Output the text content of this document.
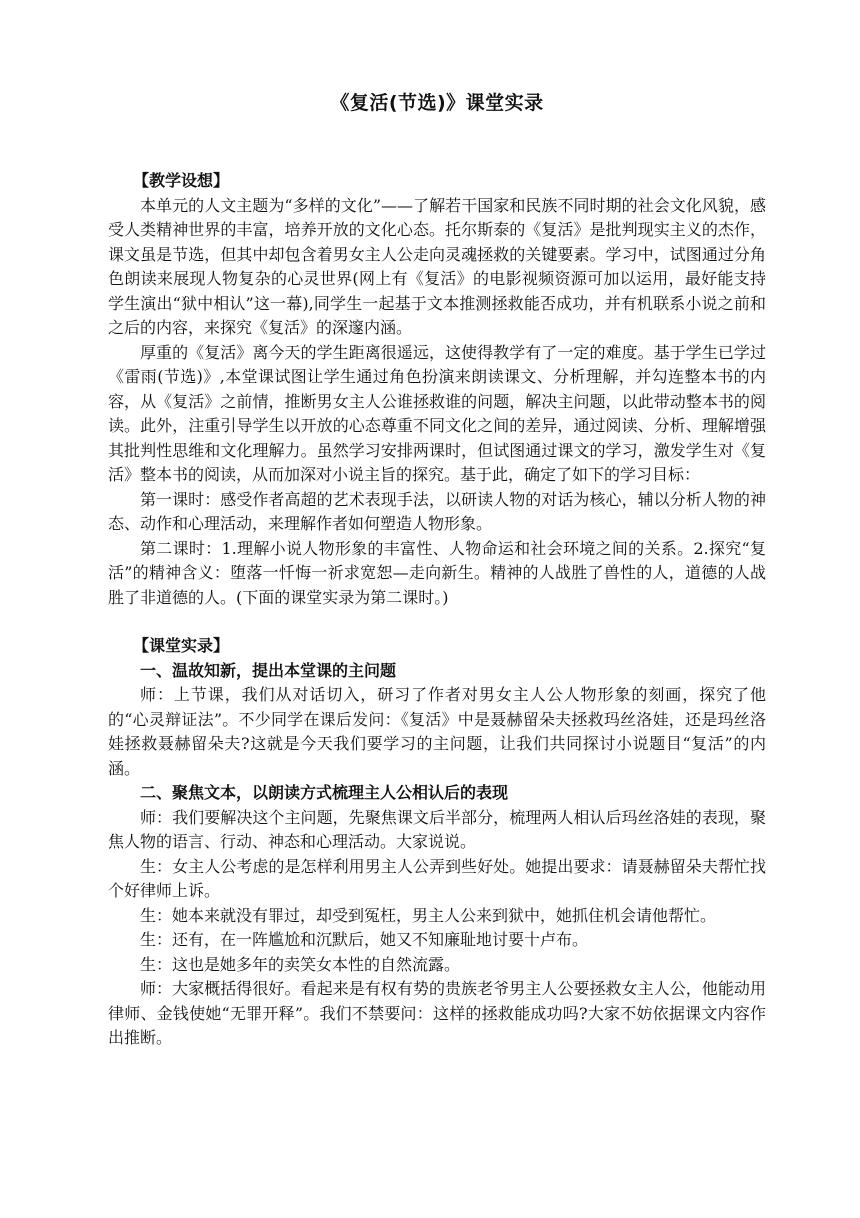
《复活(节选)》课堂实录
【教学设想】

本单元的人文主题为“多样的文化”——了解若干国家和民族不同时期的社会文化风貌，感受人类精神世界的丰富，培养开放的文化心态。托尔斯泰的《复活》是批判现实主义的杰作，课文虽是节选，但其中却包含着男女主人公走向灵魂拯救的关键要素。学习中，试图通过分角色朗读来展现人物复杂的心灵世界(网上有《复活》的电影视频资源可加以运用，最好能支持学生演出“狱中相认”这一幕),同学生一起基于文本推测拯救能否成功，并有机联系小说之前和之后的内容，来探究《复活》的深邃内涵。

厚重的《复活》离今天的学生距离很遥远，这使得教学有了一定的难度。基于学生已学过《雷雨(节选)》,本堂课试图让学生通过角色扮演来朗读课文、分析理解，并勾连整本书的内容，从《复活》之前情，推断男女主人公谁拯救谁的问题，解决主问题，以此带动整本书的阅读。此外，注重引导学生以开放的心态尊重不同文化之间的差异，通过阅读、分析、理解增强其批判性思维和文化理解力。虽然学习安排两课时，但试图通过课文的学习，激发学生对《复活》整本书的阅读，从而加深对小说主旨的探究。基于此，确定了如下的学习目标：

第一课时：感受作者高超的艺术表现手法，以研读人物的对话为核心，辅以分析人物的神态、动作和心理活动，来理解作者如何塑造人物形象。

第二课时：1.理解小说人物形象的丰富性、人物命运和社会环境之间的关系。2.探究“复活”的精神含义：堕落一忏悔一祈求宽恕—走向新生。精神的人战胜了兽性的人，道德的人战胜了非道德的人。(下面的课堂实录为第二课时。)

【课堂实录】
一、温故知新，提出本堂课的主问题

师：上节课，我们从对话切入，研习了作者对男女主人公人物形象的刻画，探究了他的“心灵辩证法”。不少同学在课后发问：《复活》中是聂赫留朵夫拯救玛丝洛娃，还是玛丝洛娃拯救聂赫留朵夫?这就是今天我们要学习的主问题，让我们共同探讨小说题目“复活”的内涵。

二、聚焦文本，以朗读方式梳理主人公相认后的表现

师：我们要解决这个主问题，先聚焦课文后半部分，梳理两人相认后玛丝洛娃的表现，聚焦人物的语言、行动、神态和心理活动。大家说说。

生：女主人公考虑的是怎样利用男主人公弄到些好处。她提出要求：请聂赫留朵夫帮忙找个好律师上诉。

生：她本来就没有罪过，却受到冤枉，男主人公来到狱中，她抓住机会请他帮忙。

生：还有，在一阵尴尬和沉默后，她又不知廉耻地讨要十卢布。

生：这也是她多年的卖笑女本性的自然流露。

师：大家概括得很好。看起来是有权有势的贵族老爷男主人公要拯救女主人公，他能动用律师、金钱使她“无罪开释”。我们不禁要问：这样的拯救能成功吗?大家不妨依据课文内容作出推断。
